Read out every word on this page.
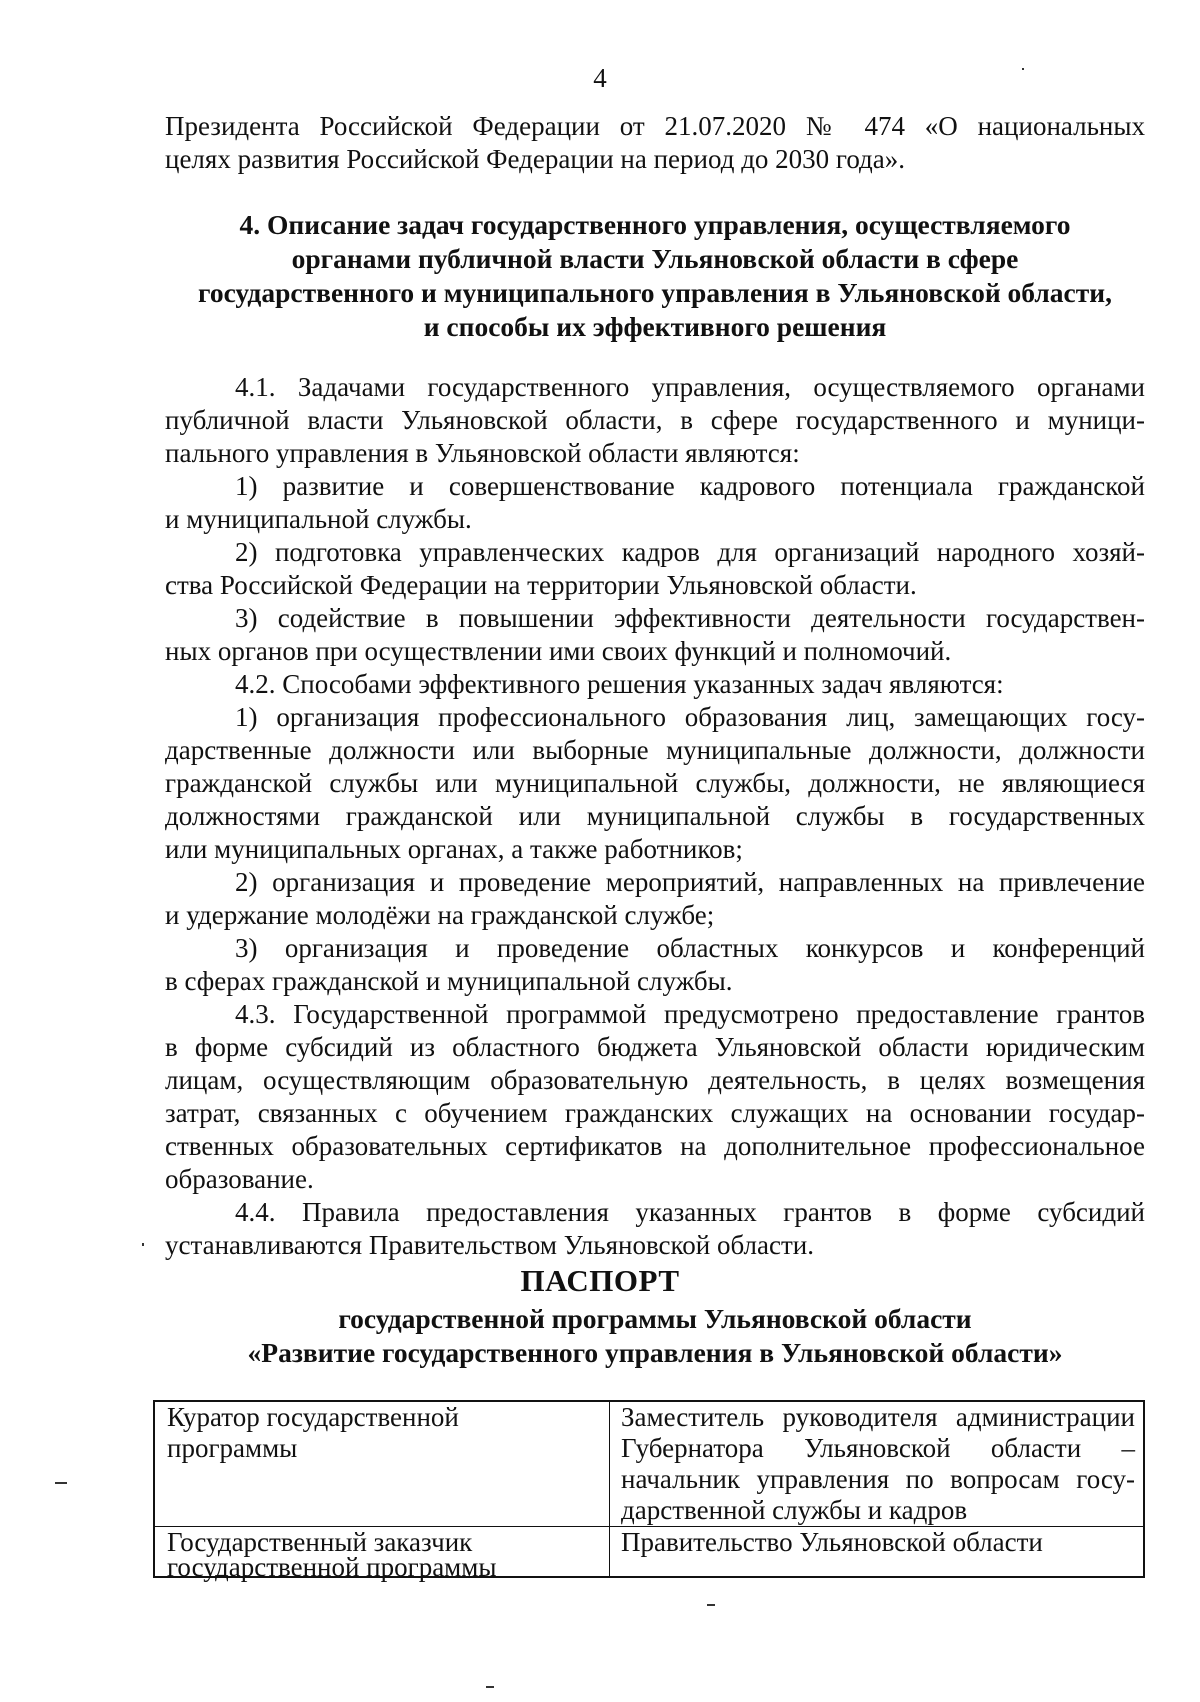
4
Президента Российской Федерации от 21.07.2020 № 474 «О национальных
целях развития Российской Федерации на период до 2030 года».
4. Описание задач государственного управления, осуществляемого
органами публичной власти Ульяновской области в сфере
государственного и муниципального управления в Ульяновской области,
и способы их эффективного решения
4.1. Задачами государственного управления, осуществляемого органами
публичной власти Ульяновской области, в сфере государственного и муници-
пального управления в Ульяновской области являются:
1) развитие и совершенствование кадрового потенциала гражданской
и муниципальной службы.
2) подготовка управленческих кадров для организаций народного хозяй-
ства Российской Федерации на территории Ульяновской области.
3) содействие в повышении эффективности деятельности государствен-
ных органов при осуществлении ими своих функций и полномочий.
4.2. Способами эффективного решения указанных задач являются:
1) организация профессионального образования лиц, замещающих госу-
дарственные должности или выборные муниципальные должности, должности
гражданской службы или муниципальной службы, должности, не являющиеся
должностями гражданской или муниципальной службы в государственных
или муниципальных органах, а также работников;
2) организация и проведение мероприятий, направленных на привлечение
и удержание молодёжи на гражданской службе;
3) организация и проведение областных конкурсов и конференций
в сферах гражданской и муниципальной службы.
4.3. Государственной программой предусмотрено предоставление грантов
в форме субсидий из областного бюджета Ульяновской области юридическим
лицам, осуществляющим образовательную деятельность, в целях возмещения
затрат, связанных с обучением гражданских служащих на основании государ-
ственных образовательных сертификатов на дополнительное профессиональное
образование.
4.4. Правила предоставления указанных грантов в форме субсидий
устанавливаются Правительством Ульяновской области.
ПАСПОРТ
государственной программы Ульяновской области
«Развитие государственного управления в Ульяновской области»
Куратор государственной
программы
Заместитель руководителя администрации
Губернатора Ульяновской области –
начальник управления по вопросам госу-
дарственной службы и кадров
Государственный заказчик
государственной программы
Правительство Ульяновской области
